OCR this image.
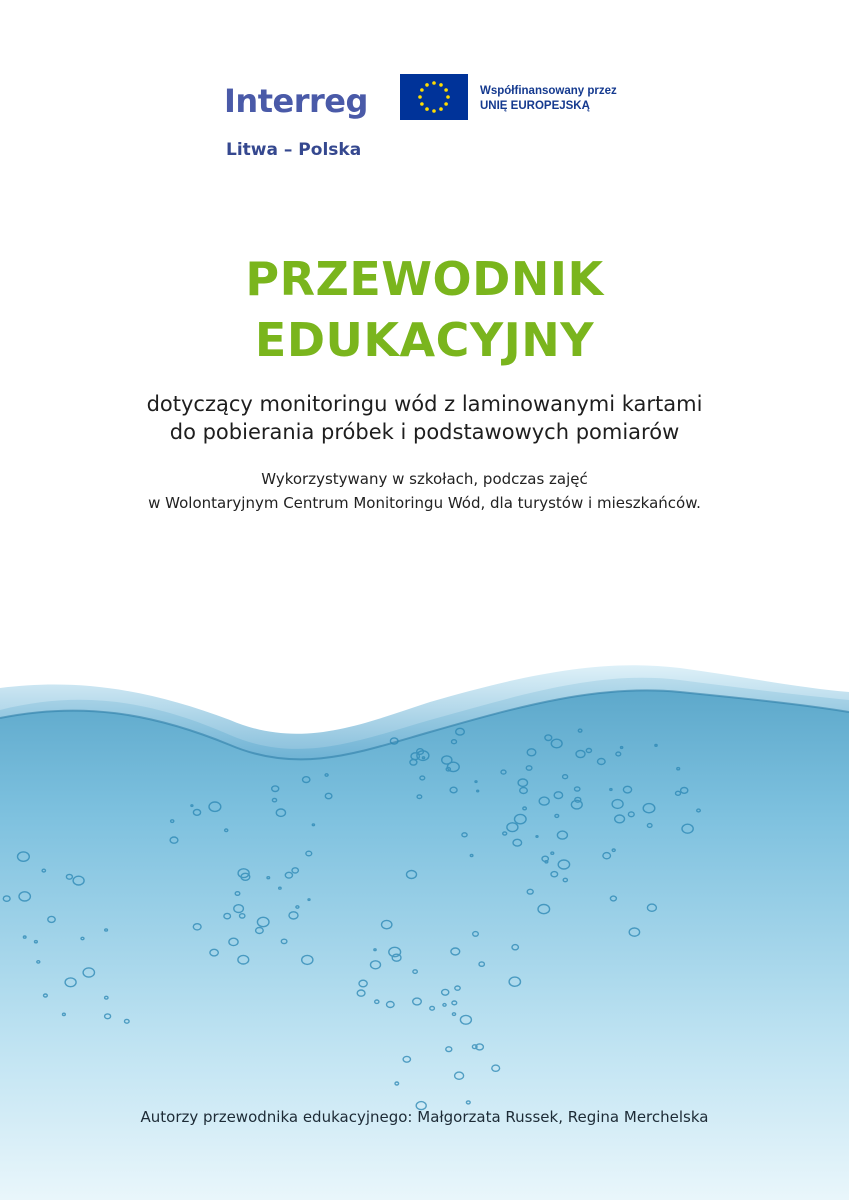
Interreg
Litwa – Polska
Współfinansowany przez
UNIĘ EUROPEJSKĄ
PRZEWODNIK
EDUKACYJNY
dotyczący monitoringu wód z laminowanymi kartami
do pobierania próbek i podstawowych pomiarów
Wykorzystywany w szkołach, podczas zajęć
w Wolontaryjnym Centrum Monitoringu Wód, dla turystów i mieszkańców.
Autorzy przewodnika edukacyjnego: Małgorzata Russek, Regina Merchelska
